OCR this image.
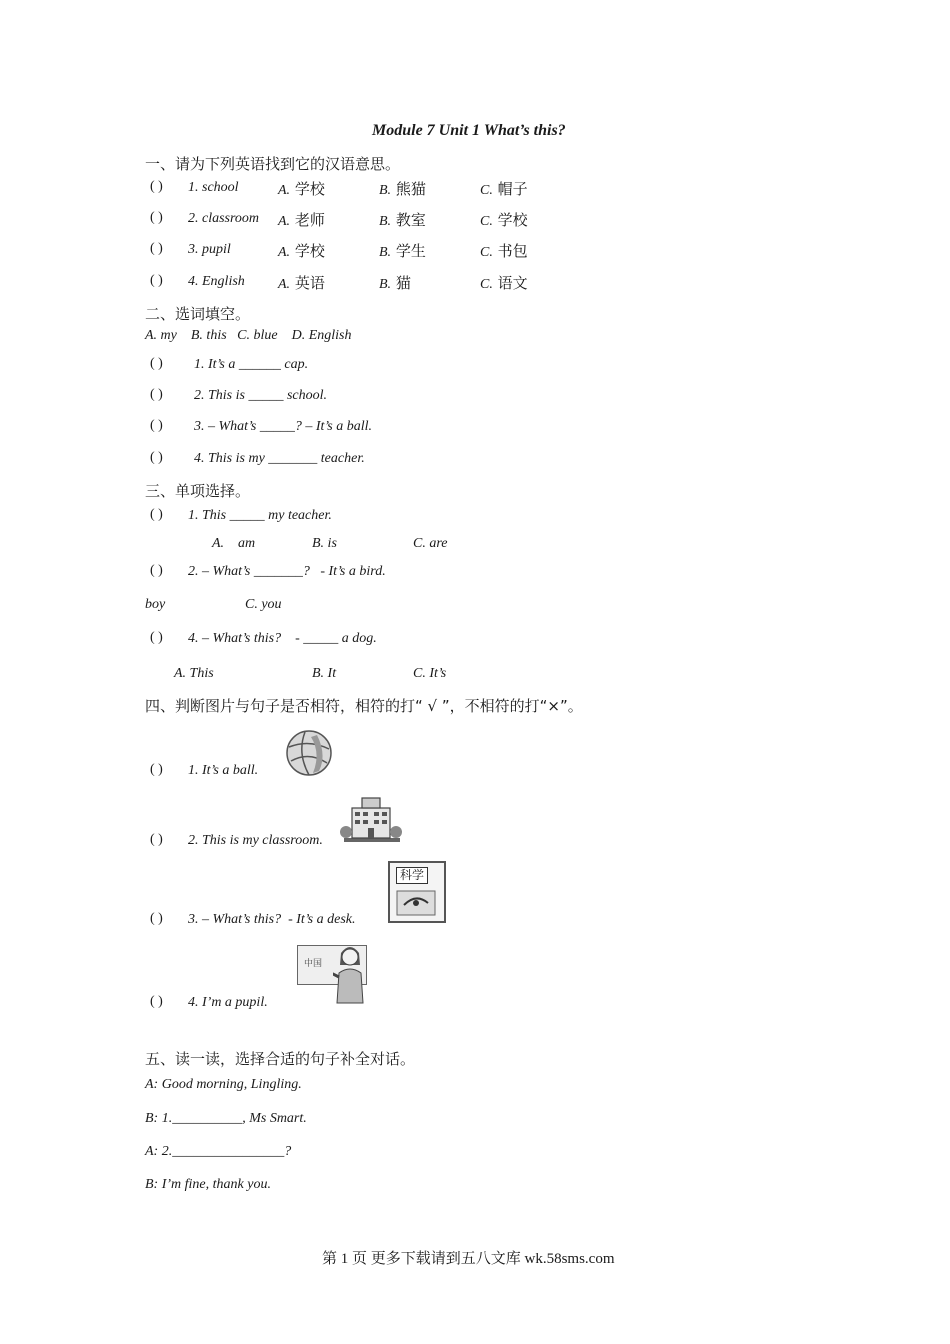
Module 7 Unit 1 What’s this?
一、请为下列英语找到它的汉语意思。
( ) 1. school	A. 学校	B. 熊猫	C. 帽子
( ) 2. classroom A. 老师	B. 教室	C. 学校
( ) 3. pupil	A. 学校	B. 学生	C. 书包
( ) 4. English A. 英语	B. 猫	C. 语文
二、选词填空。
A. my    B. this   C. blue    D. English
( ) 1. It’s a ______ cap.
( ) 2. This is _____ school.
( ) 3. – What’s _____? – It’s a ball.
( ) 4. This is my _______ teacher.
三、单项选择。
( ) 1. This _____ my teacher.
A.    am	B. is	C. are
( ) 2. – What’s _______?   - It’s a bird.
boy	C. you
( ) 4. – What’s this?    - _____ a dog.
A. This	B. It	C. It’s
四、判断图片与句子是否相符，相符的打“ √ ”，不相符的打“×”。
( ) 1. It’s a ball.
( ) 2. This is my classroom.
( ) 3. – What’s this?  - It’s a desk.
科学
( ) 4. I’m a pupil.
中国
五、读一读，选择合适的句子补全对话。
A: Good morning, Lingling.
B: 1.__________, Ms Smart.
A: 2.________________?
B: I’m fine, thank you.
第 1 页 更多下载请到五八文库 wk.58sms.com
